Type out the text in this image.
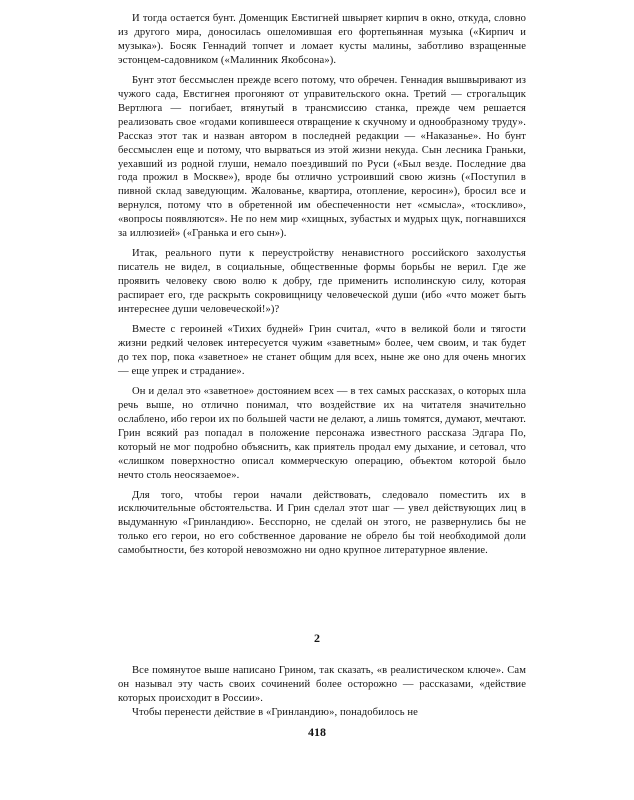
И тогда остается бунт. Доменщик Евстигней швыряет кирпич в окно, откуда, словно из другого мира, доносилась ошеломившая его фортепьянная музыка («Кирпич и музыка»). Босяк Геннадий топчет и ломает кусты малины, заботливо взращенные эстонцем-садовником («Малинник Якобсона»).

Бунт этот бессмыслен прежде всего потому, что обречен. Геннадия вышвыривают из чужого сада, Евстигнея прогоняют от управительского окна. Третий — строгальщик Вертлюга — погибает, втянутый в трансмиссию станка, прежде чем решается реализовать свое «годами копившееся отвращение к скучному и однообразному труду». Рассказ этот так и назван автором в последней редакции — «Наказанье». Но бунт бессмыслен еще и потому, что вырваться из этой жизни некуда. Сын лесника Граньки, уехавший из родной глуши, немало поездивший по Руси («Был везде. Последние два года прожил в Москве»), вроде бы отлично устроивший свою жизнь («Поступил в пивной склад заведующим. Жалованье, квартира, отопление, керосин»), бросил все и вернулся, потому что в обретенной им обеспеченности нет «смысла», «тоскливо», «вопросы появляются». Не по нем мир «хищных, зубастых и мудрых щук, погнавшихся за иллюзией» («Гранька и его сын»).

Итак, реального пути к переустройству ненавистного российского захолустья писатель не видел, в социальные, общественные формы борьбы не верил. Где же проявить человеку свою волю к добру, где применить исполинскую силу, которая распирает его, где раскрыть сокровищницу человеческой души (ибо «что может быть интереснее души человеческой!»)?

Вместе с героиней «Тихих будней» Грин считал, «что в великой боли и тягости жизни редкий человек интересуется чужим «заветным» более, чем своим, и так будет до тех пор, пока «заветное» не станет общим для всех, ныне же оно для очень многих — еще упрек и страдание».

Он и делал это «заветное» достоянием всех — в тех самых рассказах, о которых шла речь выше, но отлично понимал, что воздействие их на читателя значительно ослаблено, ибо герои их по большей части не делают, а лишь томятся, думают, мечтают. Грин всякий раз попадал в положение персонажа известного рассказа Эдгара По, который не мог подробно объяснить, как приятель продал ему дыхание, и сетовал, что «слишком поверхностно описал коммерческую операцию, объектом которой было нечто столь неосязаемое».

Для того, чтобы герои начали действовать, следовало поместить их в исключительные обстоятельства. И Грин сделал этот шаг — увел действующих лиц в выдуманную «Гринландию». Бесспорно, не сделай он этого, не развернулись бы не только его герои, но его собственное дарование не обрело бы той необходимой доли самобытности, без которой невозможно ни одно крупное литературное явление.

2

Все помянутое выше написано Грином, так сказать, «в реалистическом ключе». Сам он называл эту часть своих сочинений более осторожно — рассказами, «действие которых происходит в России».

Чтобы перенести действие в «Гринландию», понадобилось не

418
